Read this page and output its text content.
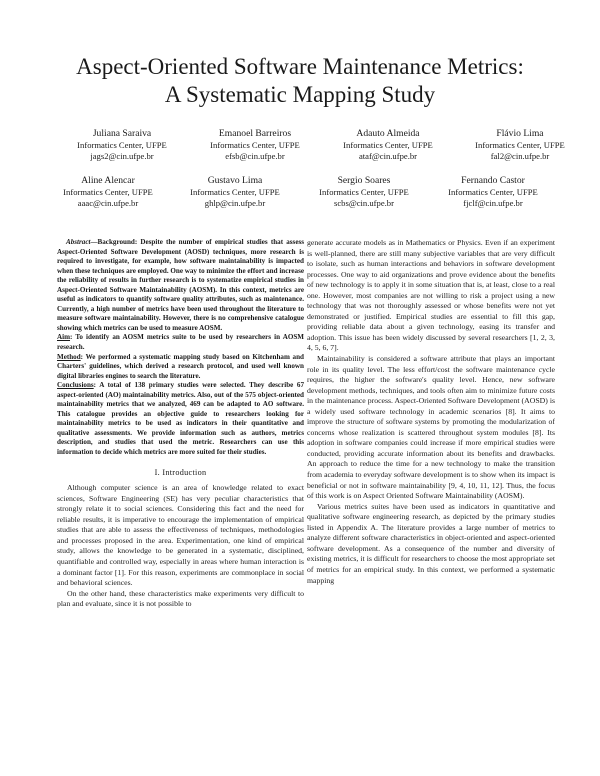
Aspect-Oriented Software Maintenance Metrics:
A Systematic Mapping Study
Juliana Saraiva
Informatics Center, UFPE
jags2@cin.ufpe.br
Emanoel Barreiros
Informatics Center, UFPE
efsb@cin.ufpe.br
Adauto Almeida
Informatics Center, UFPE
ataf@cin.ufpe.br
Flávio Lima
Informatics Center, UFPE
fal2@cin.ufpe.br
Aline Alencar
Informatics Center, UFPE
aaac@cin.ufpe.br
Gustavo Lima
Informatics Center, UFPE
ghlp@cin.ufpe.br
Sergio Soares
Informatics Center, UFPE
scbs@cin.ufpe.br
Fernando Castor
Informatics Center, UFPE
fjclf@cin.ufpe.br

Abstract—Background: Despite the number of empirical studies that assess Aspect-Oriented Software Development (AOSD) techniques, more research is required to investigate, for example, how software maintainability is impacted when these techniques are employed. One way to minimize the effort and increase the reliability of results in further research is to systematize empirical studies in Aspect-Oriented Software Maintainability (AOSM). In this context, metrics are useful as indicators to quantify software quality attributes, such as maintenance. Currently, a high number of metrics have been used throughout the literature to measure software maintainability. However, there is no comprehensive catalogue showing which metrics can be used to measure AOSM.

Aim: To identify an AOSM metrics suite to be used by researchers in AOSM research.

Method: We performed a systematic mapping study based on Kitchenham and Charters' guidelines, which derived a research protocol, and used well known digital libraries engines to search the literature.

Conclusions: A total of 138 primary studies were selected. They describe 67 aspect-oriented (AO) maintainability metrics. Also, out of the 575 object-oriented maintainability metrics that we analyzed, 469 can be adapted to AO software. This catalogue provides an objective guide to researchers looking for maintainability metrics to be used as indicators in their quantitative and qualitative assessments. We provide information such as authors, metrics description, and studies that used the metric. Researchers can use this information to decide which metrics are more suited for their studies.

I. Introduction

Although computer science is an area of knowledge related to exact sciences, Software Engineering (SE) has very peculiar characteristics that strongly relate it to social sciences. Considering this fact and the need for reliable results, it is imperative to encourage the implementation of empirical studies that are able to assess the effectiveness of techniques, methodologies and processes proposed in the area. Experimentation, one kind of empirical study, allows the knowledge to be generated in a systematic, disciplined, quantifiable and controlled way, especially in areas where human interaction is a dominant factor [1]. For this reason, experiments are commonplace in social and behavioral sciences.

On the other hand, these characteristics make experiments very difficult to plan and evaluate, since it is not possible to

generate accurate models as in Mathematics or Physics. Even if an experiment is well-planned, there are still many subjective variables that are very difficult to isolate, such as human interactions and behaviors in software development processes. One way to aid organizations and prove evidence about the benefits of new technology is to apply it in some situation that is, at least, close to a real one. However, most companies are not willing to risk a project using a new technology that was not thoroughly assessed or whose benefits were not yet demonstrated or justified. Empirical studies are essential to fill this gap, providing reliable data about a given technology, easing its transfer and adoption. This issue has been widely discussed by several researchers [1, 2, 3, 4, 5, 6, 7].

Maintainability is considered a software attribute that plays an important role in its quality level. The less effort/cost the software maintenance cycle requires, the higher the software's quality level. Hence, new software development methods, techniques, and tools often aim to minimize future costs in the maintenance process. Aspect-Oriented Software Development (AOSD) is a widely used software technology in academic scenarios [8]. It aims to improve the structure of software systems by promoting the modularization of concerns whose realization is scattered throughout system modules [8]. Its adoption in software companies could increase if more empirical studies were conducted, providing accurate information about its benefits and drawbacks. An approach to reduce the time for a new technology to make the transition from academia to everyday software development is to show when its impact is beneficial or not in software maintainability [9, 4, 10, 11, 12]. Thus, the focus of this work is on Aspect Oriented Software Maintainability (AOSM).

Various metrics suites have been used as indicators in quantitative and qualitative software engineering research, as depicted by the primary studies listed in Appendix A. The literature provides a large number of metrics to analyze different software characteristics in object-oriented and aspect-oriented software development. As a consequence of the number and diversity of existing metrics, it is difficult for researchers to choose the most appropriate set of metrics for an empirical study. In this context, we performed a systematic mapping
